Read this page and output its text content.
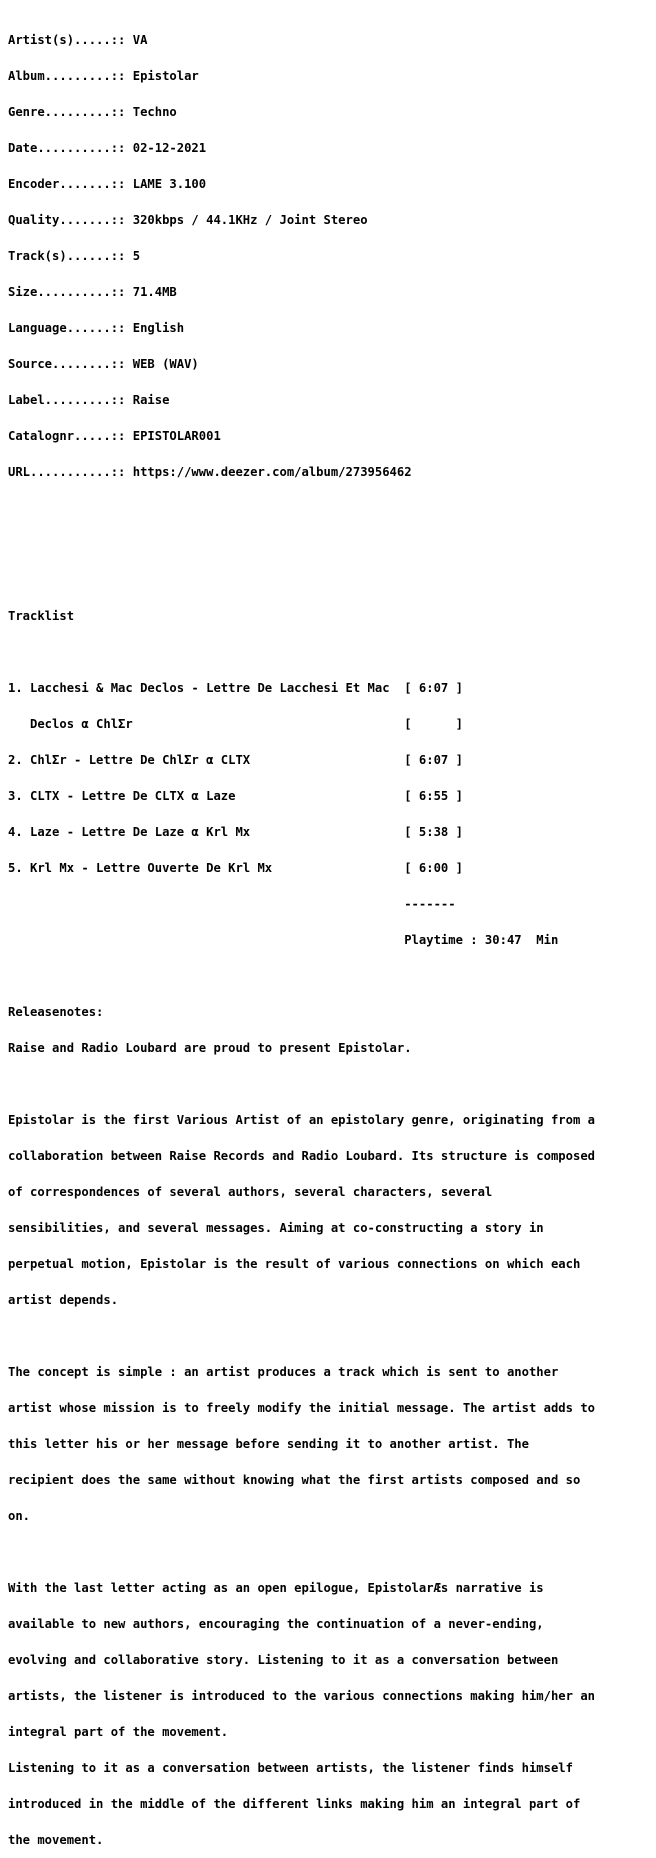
Artist(s).....:: VA

Album.........:: Epistolar

Genre.........:: Techno

Date..........:: 02-12-2021

Encoder.......:: LAME 3.100

Quality.......:: 320kbps / 44.1KHz / Joint Stereo

Track(s)......:: 5

Size..........:: 71.4MB

Language......:: English

Source........:: WEB (WAV)

Label.........:: Raise

Catalognr.....:: EPISTOLAR001

URL...........:: https://www.deezer.com/album/273956462

Tracklist

1. Lacchesi & Mac Declos - Lettre De Lacchesi Et Mac  [ 6:07 ]

Declos α ChlΣr                                     [      ]

2. ChlΣr - Lettre De ChlΣr α CLTX                     [ 6:07 ]

3. CLTX - Lettre De CLTX α Laze                       [ 6:55 ]

4. Laze - Lettre De Laze α Krl Mx                     [ 5:38 ]

5. Krl Mx - Lettre Ouverte De Krl Mx                  [ 6:00 ]

-------

Playtime : 30:47  Min

Releasenotes:

Raise and Radio Loubard are proud to present Epistolar.

Epistolar is the first Various Artist of an epistolary genre, originating from a

collaboration between Raise Records and Radio Loubard. Its structure is composed

of correspondences of several authors, several characters, several

sensibilities, and several messages. Aiming at co-constructing a story in

perpetual motion, Epistolar is the result of various connections on which each

artist depends.

The concept is simple : an artist produces a track which is sent to another

artist whose mission is to freely modify the initial message. The artist adds to

this letter his or her message before sending it to another artist. The

recipient does the same without knowing what the first artists composed and so

on.

With the last letter acting as an open epilogue, EpistolarÆs narrative is

available to new authors, encouraging the continuation of a never-ending,

evolving and collaborative story. Listening to it as a conversation between

artists, the listener is introduced to the various connections making him/her an

integral part of the movement.

Listening to it as a conversation between artists, the listener finds himself

introduced in the middle of the different links making him an integral part of

the movement.
